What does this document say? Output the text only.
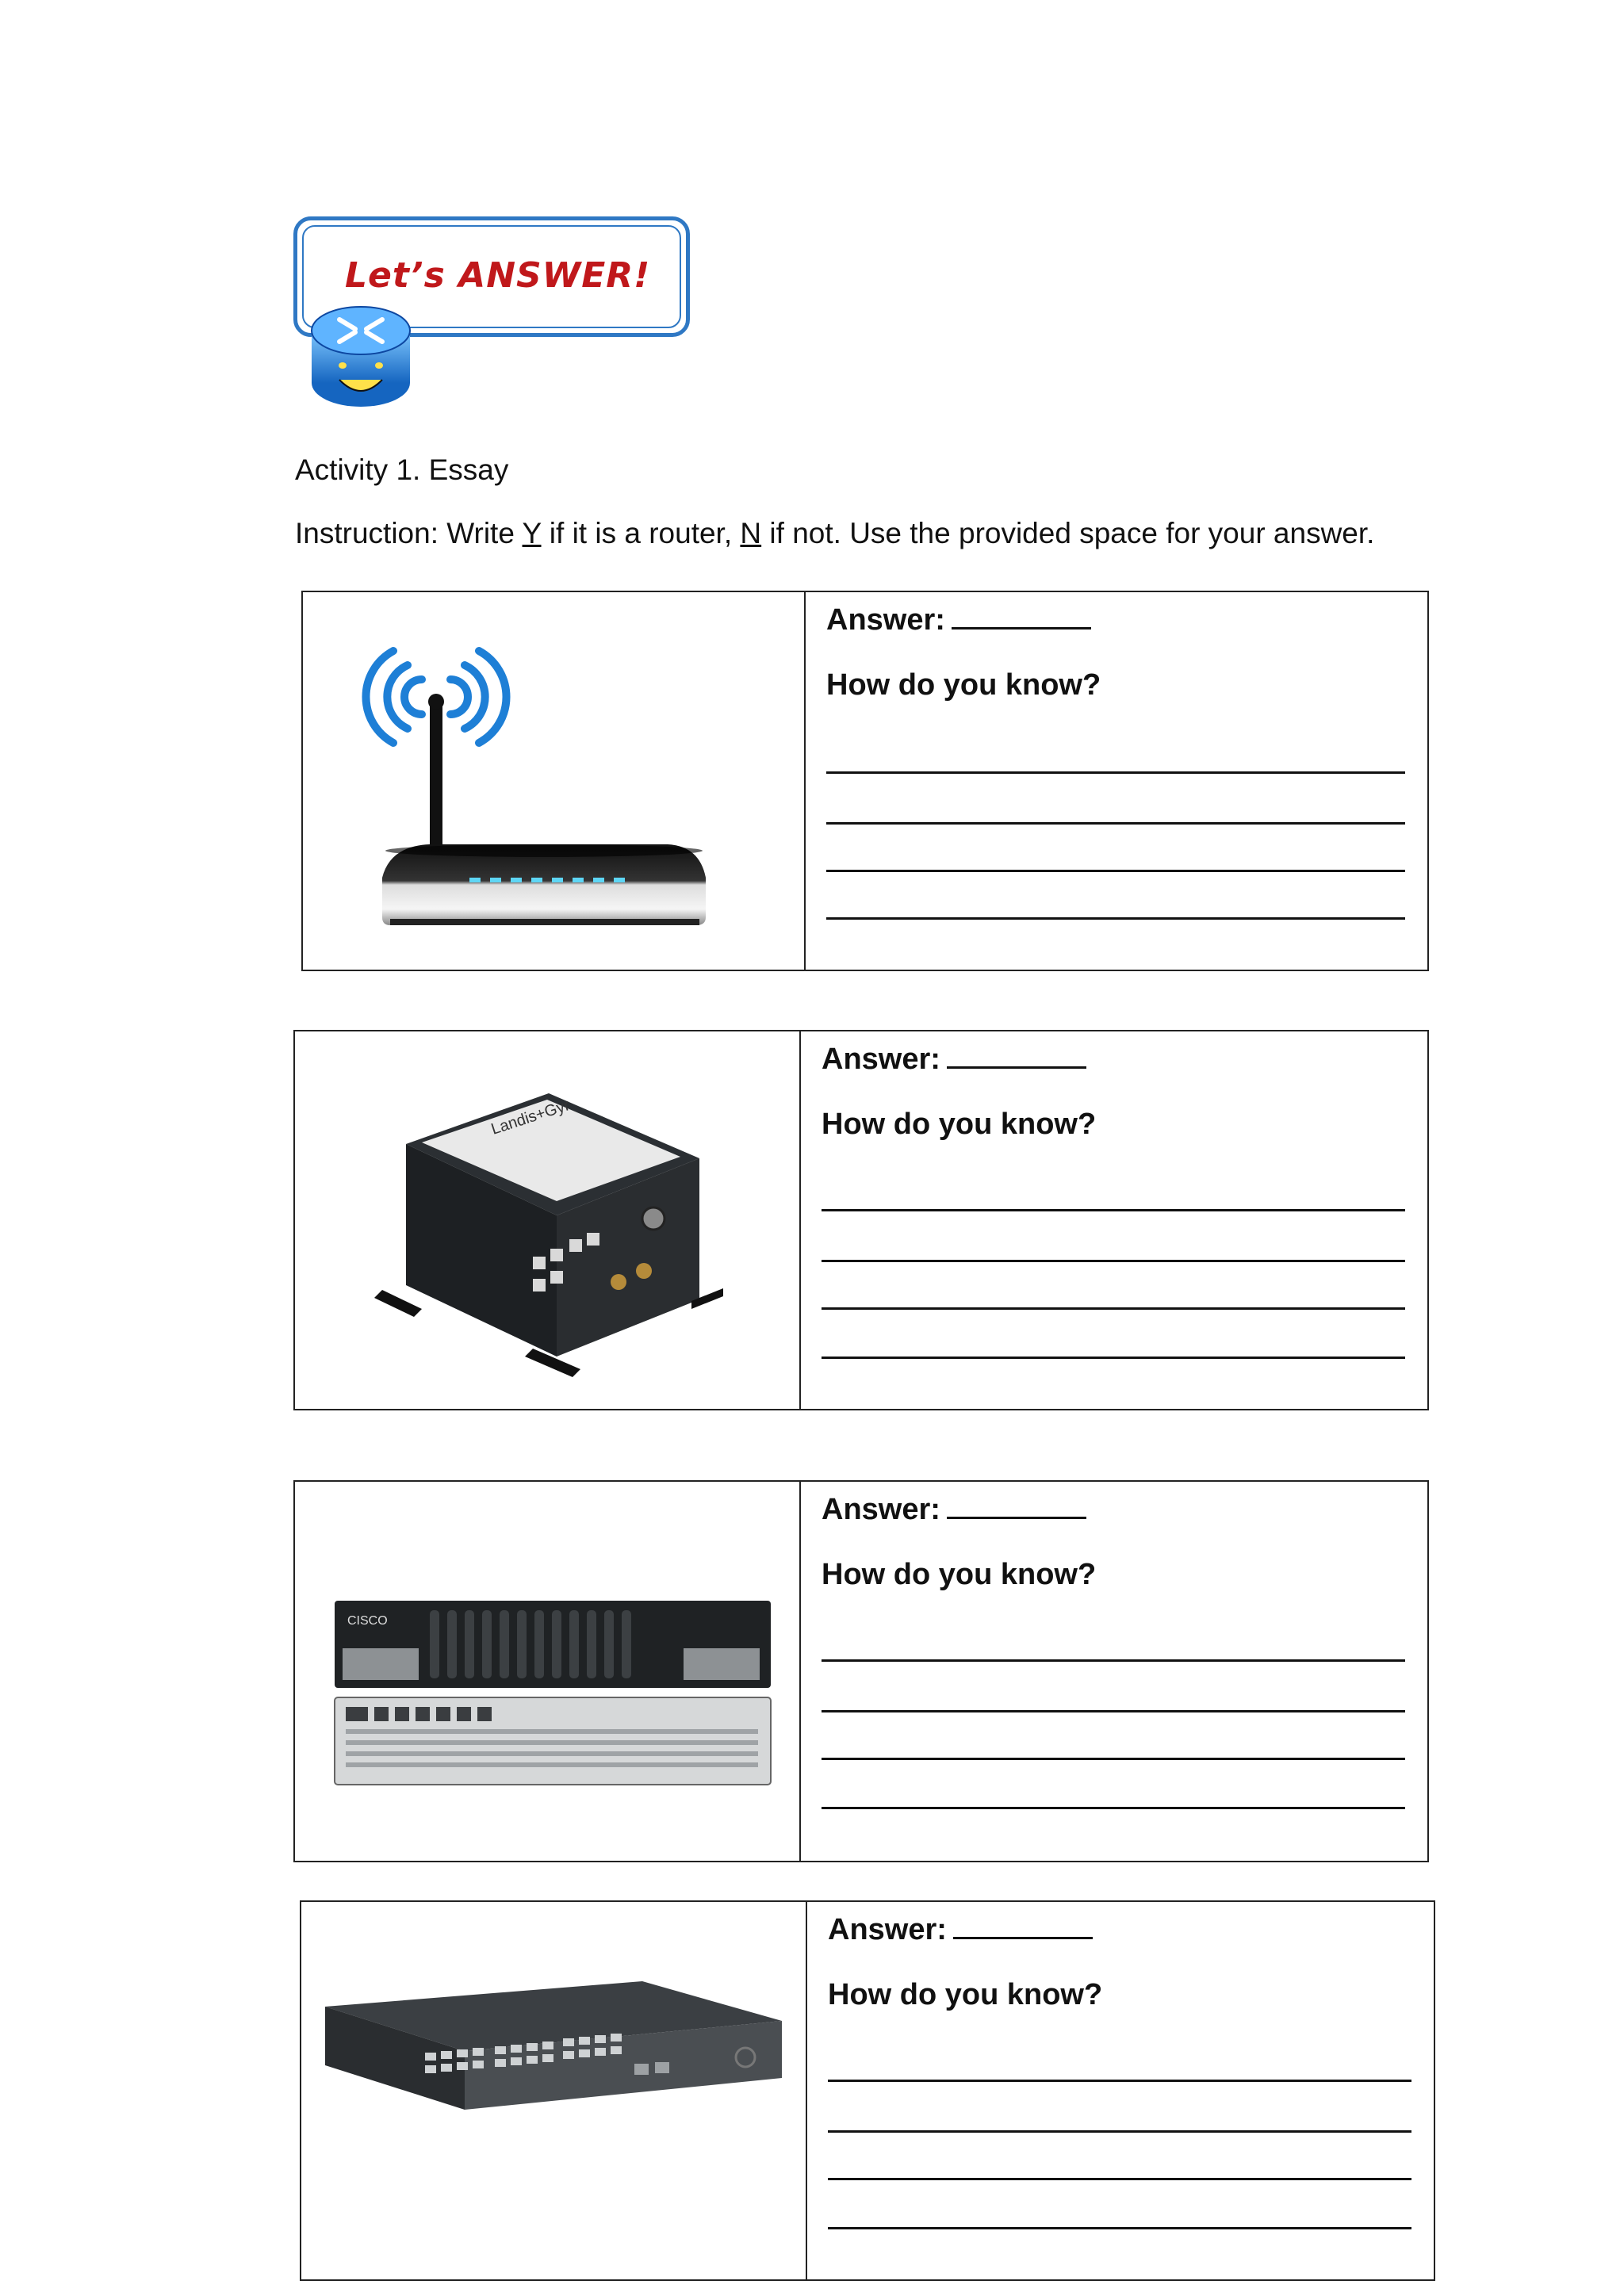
Let’s ANSWER!
Activity 1. Essay
Instruction: Write Y if it is a router, N if not. Use the provided space for your answer.
Answer:
How do you know?
Landis+Gyr
Answer:
How do you know?
CISCO
Answer:
How do you know?
Answer:
How do you know?
